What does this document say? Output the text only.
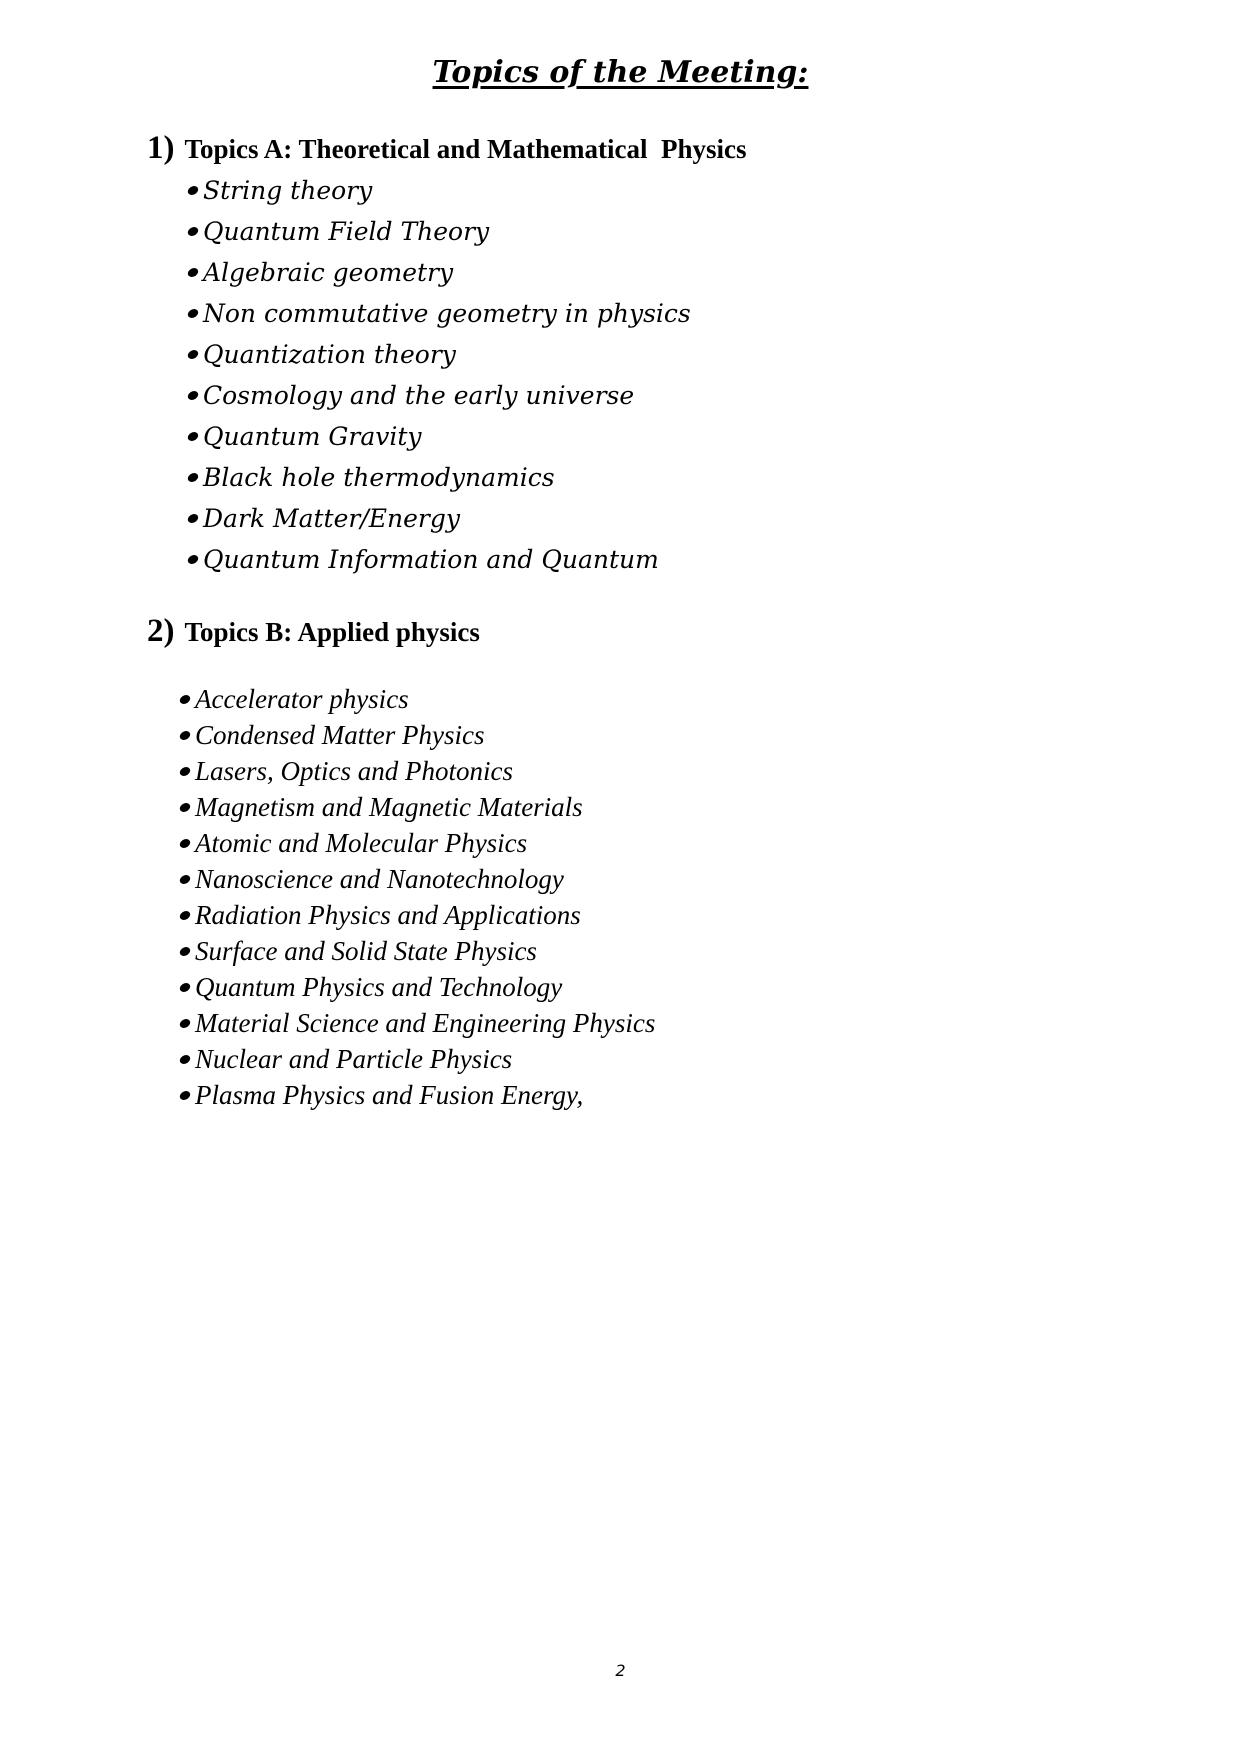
Topics of the Meeting:
1) Topics A: Theoretical and Mathematical  Physics
String theory
Quantum Field Theory
Algebraic geometry
Non commutative geometry in physics
Quantization theory
Cosmology and the early universe
Quantum Gravity
Black hole thermodynamics
Dark Matter/Energy
Quantum Information and Quantum
2) Topics B: Applied physics
Accelerator physics
Condensed Matter Physics
Lasers, Optics and Photonics
Magnetism and Magnetic Materials
Atomic and Molecular Physics
Nanoscience and Nanotechnology
Radiation Physics and Applications
Surface and Solid State Physics
Quantum Physics and Technology
Material Science and Engineering Physics
Nuclear and Particle Physics
Plasma Physics and Fusion Energy,
2
